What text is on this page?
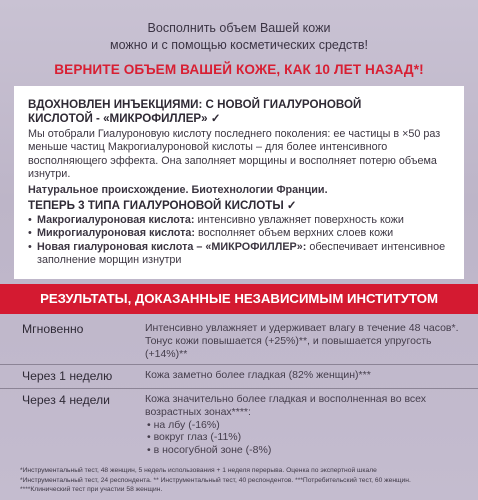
Восполнить объем Вашей кожи
можно и с помощью косметических средств!
ВЕРНИТЕ ОБЪЕМ ВАШЕЙ КОЖЕ, КАК 10 ЛЕТ НАЗАД*!
ВДОХНОВЛЕН ИНЪЕКЦИЯМИ: С НОВОЙ ГИАЛУРОНОВОЙ
КИСЛОТОЙ - «МИКРОФИЛЛЕР» ✓
Мы отобрали Гиалуроновую кислоту последнего поколения: ее частицы в ×50 раз меньше частиц Макрогиалуроновой кислоты – для более интенсивного восполняющего эффекта. Она заполняет морщины и восполняет потерю объема изнутри.
Натуральное происхождение. Биотехнологии Франции.
ТЕПЕРЬ 3 ТИПА ГИАЛУРОНОВОЙ КИСЛОТЫ ✓
• Макрогиалуроновая кислота: интенсивно увлажняет поверхность кожи
• Микрогиалуроновая кислота: восполняет объем верхних слоев кожи
• Новая гиалуроновая кислота – «МИКРОФИЛЛЕР»: обеспечивает интенсивное заполнение морщин изнутри
РЕЗУЛЬТАТЫ, ДОКАЗАННЫЕ НЕЗАВИСИМЫМ ИНСТИТУТОМ
Мгновенно	Интенсивно увлажняет и удерживает влагу в течение 48 часов*. Тонус кожи повышается (+25%)**, и повышается упругость (+14%)**
Через 1 неделю	Кожа заметно более гладкая (82% женщин)***
Через 4 недели	Кожа значительно более гладкая и восполненная во всех возрастных зонах****:
• на лбу (-16%)
• вокруг глаз (-11%)
• в носогубной зоне (-8%)
*Инструментальный тест, 48 женщин, 5 недель использования + 1 неделя перерыва. Оценка по экспертной шкале
*Инструментальный тест, 24 респондента. ** Инструментальный тест, 40 респондентов. ***Потребительский тест, 60 женщин.
****Клинический тест при участии 58 женщин.
